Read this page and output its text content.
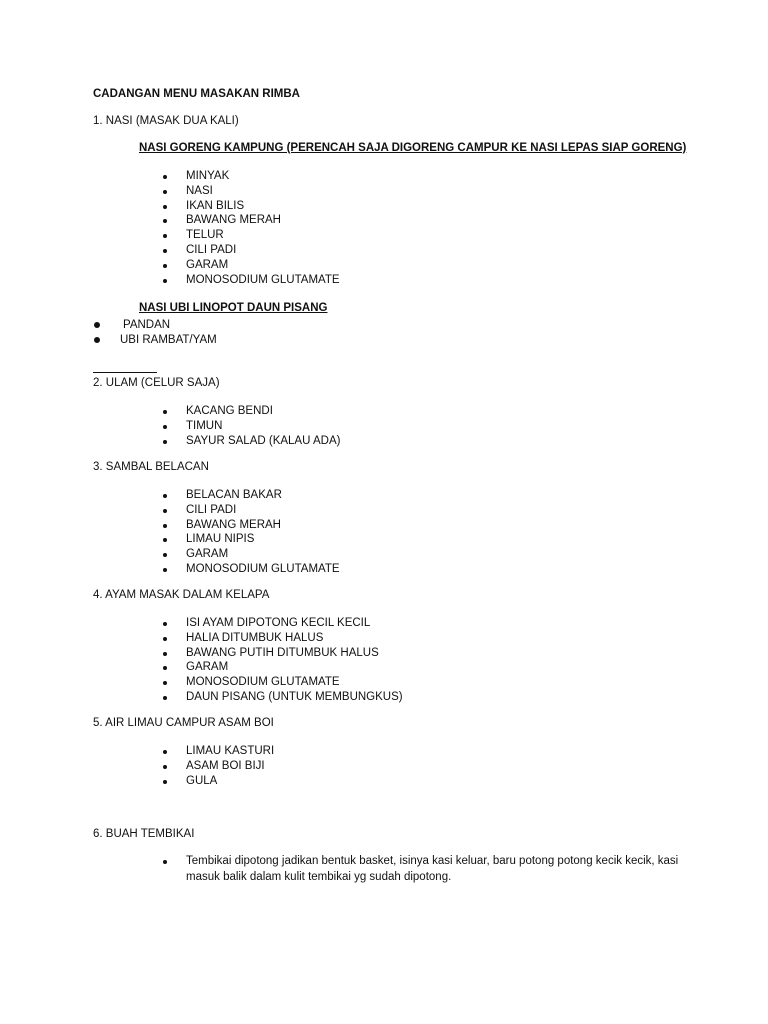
CADANGAN MENU MASAKAN RIMBA
1. NASI (MASAK DUA KALI)
NASI GORENG KAMPUNG (PERENCAH SAJA DIGORENG CAMPUR KE NASI LEPAS SIAP GORENG)
MINYAK
NASI
IKAN BILIS
BAWANG MERAH
TELUR
CILI PADI
GARAM
MONOSODIUM GLUTAMATE
NASI UBI LINOPOT DAUN PISANG
PANDAN
UBI RAMBAT/YAM
2. ULAM (CELUR SAJA)
KACANG BENDI
TIMUN
SAYUR SALAD (KALAU ADA)
3. SAMBAL BELACAN
BELACAN BAKAR
CILI PADI
BAWANG MERAH
LIMAU NIPIS
GARAM
MONOSODIUM GLUTAMATE
4. AYAM MASAK DALAM KELAPA
ISI AYAM DIPOTONG KECIL KECIL
HALIA DITUMBUK HALUS
BAWANG PUTIH DITUMBUK HALUS
GARAM
MONOSODIUM GLUTAMATE
DAUN PISANG (UNTUK MEMBUNGKUS)
5. AIR LIMAU CAMPUR ASAM BOI
LIMAU KASTURI
ASAM BOI BIJI
GULA
6. BUAH TEMBIKAI
Tembikai dipotong jadikan bentuk basket, isinya kasi keluar, baru potong potong kecik kecik, kasi masuk balik dalam kulit tembikai yg sudah dipotong.
